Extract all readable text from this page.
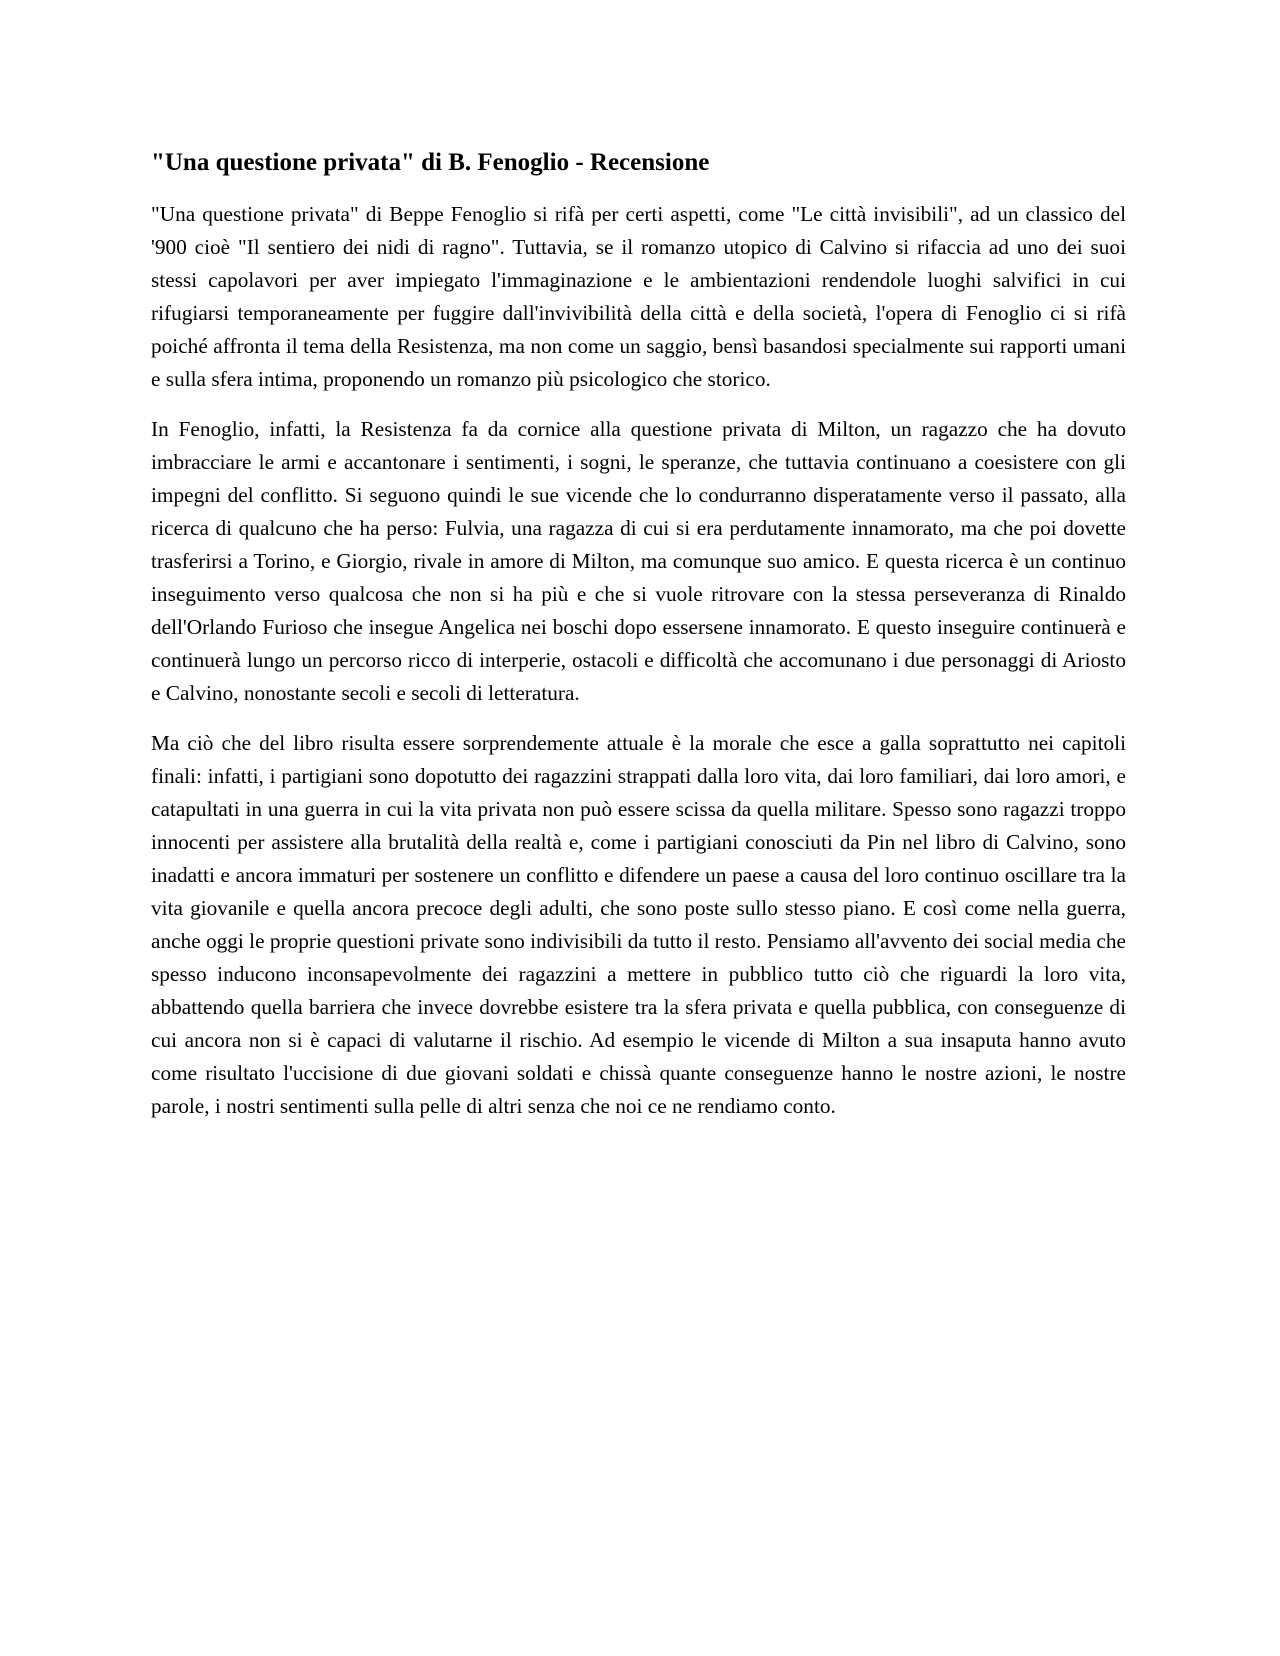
"Una questione privata" di B. Fenoglio - Recensione

"Una questione privata" di Beppe Fenoglio si rifà per certi aspetti, come "Le città invisibili", ad un classico del '900 cioè "Il sentiero dei nidi di ragno". Tuttavia, se il romanzo utopico di Calvino si rifaccia ad uno dei suoi stessi capolavori per aver impiegato l'immaginazione e le ambientazioni rendendole luoghi salvifici in cui rifugiarsi temporaneamente per fuggire dall'invivibilità della città e della società, l'opera di Fenoglio ci si rifà poiché affronta il tema della Resistenza, ma non come un saggio, bensì basandosi specialmente sui rapporti umani e sulla sfera intima, proponendo un romanzo più psicologico che storico.

In Fenoglio, infatti, la Resistenza fa da cornice alla questione privata di Milton, un ragazzo che ha dovuto imbracciare le armi e accantonare i sentimenti, i sogni, le speranze, che tuttavia continuano a coesistere con gli impegni del conflitto. Si seguono quindi le sue vicende che lo condurranno disperatamente verso il passato, alla ricerca di qualcuno che ha perso: Fulvia, una ragazza di cui si era perdutamente innamorato, ma che poi dovette trasferirsi a Torino, e Giorgio, rivale in amore di Milton, ma comunque suo amico. E questa ricerca è un continuo inseguimento verso qualcosa che non si ha più e che si vuole ritrovare con la stessa perseveranza di Rinaldo dell'Orlando Furioso che insegue Angelica nei boschi dopo essersene innamorato. E questo inseguire continuerà e continuerà lungo un percorso ricco di interperie, ostacoli e difficoltà che accomunano i due personaggi di Ariosto e Calvino, nonostante secoli e secoli di letteratura.

Ma ciò che del libro risulta essere sorprendemente attuale è la morale che esce a galla soprattutto nei capitoli finali: infatti, i partigiani sono dopotutto dei ragazzini strappati dalla loro vita, dai loro familiari, dai loro amori, e catapultati in una guerra in cui la vita privata non può essere scissa da quella militare. Spesso sono ragazzi troppo innocenti per assistere alla brutalità della realtà e, come i partigiani conosciuti da Pin nel libro di Calvino, sono inadatti e ancora immaturi per sostenere un conflitto e difendere un paese a causa del loro continuo oscillare tra la vita giovanile e quella ancora precoce degli adulti, che sono poste sullo stesso piano. E così come nella guerra, anche oggi le proprie questioni private sono indivisibili da tutto il resto. Pensiamo all'avvento dei social media che spesso inducono inconsapevolmente dei ragazzini a mettere in pubblico tutto ciò che riguardi la loro vita, abbattendo quella barriera che invece dovrebbe esistere tra la sfera privata e quella pubblica, con conseguenze di cui ancora non si è capaci di valutarne il rischio. Ad esempio le vicende di Milton a sua insaputa hanno avuto come risultato l'uccisione di due giovani soldati e chissà quante conseguenze hanno le nostre azioni, le nostre parole, i nostri sentimenti sulla pelle di altri senza che noi ce ne rendiamo conto.
